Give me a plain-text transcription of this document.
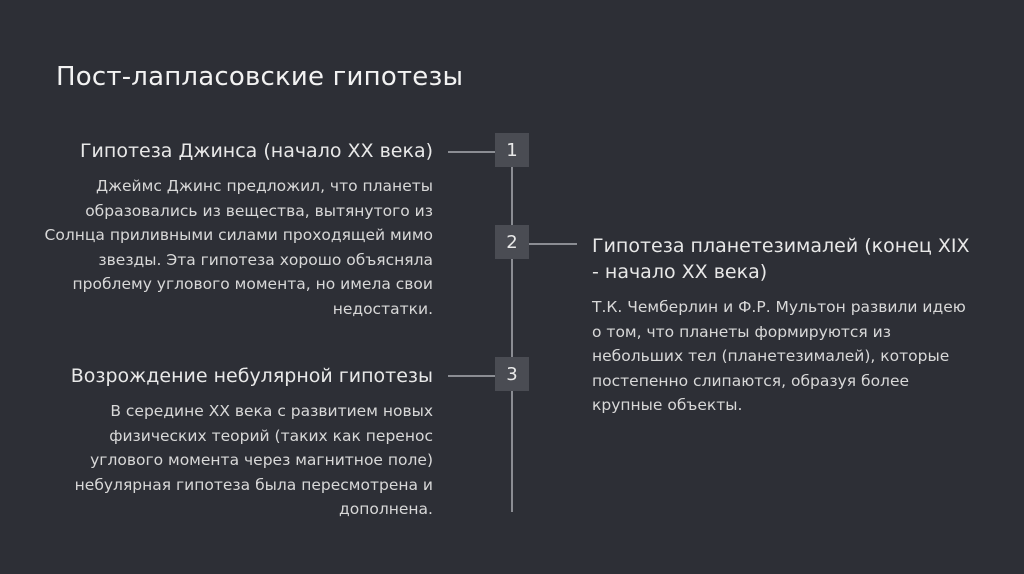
Пост-лапласовские гипотезы
1
Гипотеза Джинса (начало XX века)
Джеймс Джинс предложил, что планеты образовались из вещества, вытянутого из Солнца приливными силами проходящей мимо звезды. Эта гипотеза хорошо объясняла проблему углового момента, но имела свои недостатки.
2	Гипотеза планетезималей (конец XIX - начало XX века)
Т.К. Чемберлин и Ф.Р. Мультон развили идею о том, что планеты формируются из небольших тел (планетезималей), которые постепенно слипаются, образуя более крупные объекты.
3
Возрождение небулярной гипотезы
В середине XX века с развитием новых физических теорий (таких как перенос углового момента через магнитное поле) небулярная гипотеза была пересмотрена и дополнена.
